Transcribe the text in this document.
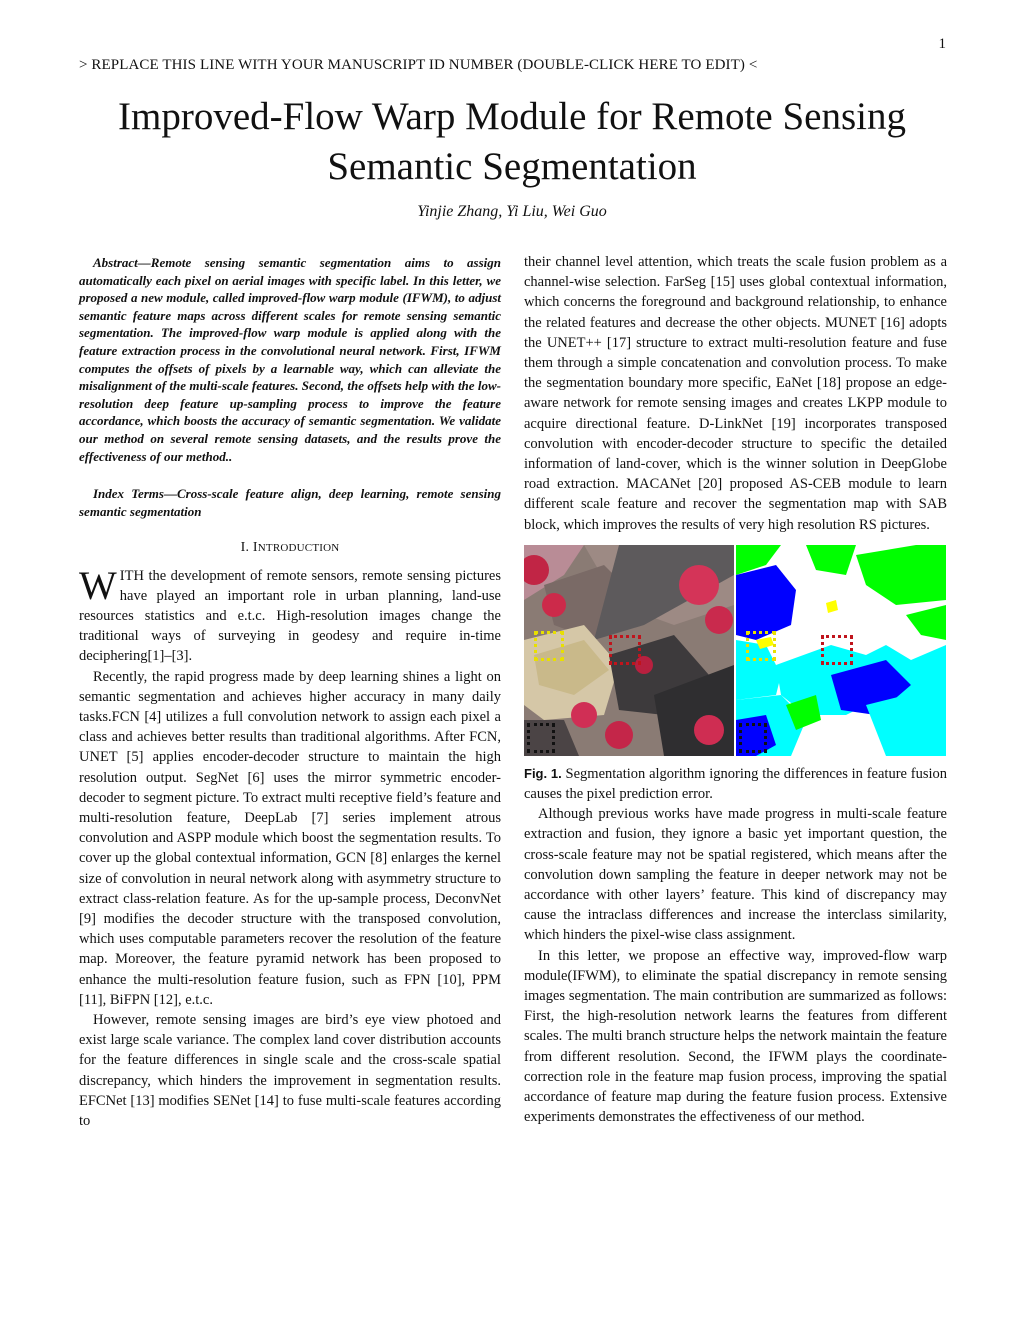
1
> REPLACE THIS LINE WITH YOUR MANUSCRIPT ID NUMBER (DOUBLE-CLICK HERE TO EDIT) <
Improved-Flow Warp Module for Remote Sensing Semantic Segmentation
Yinjie Zhang, Yi Liu, Wei Guo

Abstract—Remote sensing semantic segmentation aims to assign automatically each pixel on aerial images with specific label. In this letter, we proposed a new module, called improved-flow warp module (IFWM), to adjust semantic feature maps across different scales for remote sensing semantic segmentation. The improved-flow warp module is applied along with the feature extraction process in the convolutional neural network. First, IFWM computes the offsets of pixels by a learnable way, which can alleviate the misalignment of the multi-scale features. Second, the offsets help with the low-resolution deep feature up-sampling process to improve the feature accordance, which boosts the accuracy of semantic segmentation. We validate our method on several remote sensing datasets, and the results prove the effectiveness of our method..

Index Terms—Cross-scale feature align, deep learning, remote sensing semantic segmentation

I. INTRODUCTION

WITH the development of remote sensors, remote sensing pictures have played an important role in urban planning, land-use resources statistics and e.t.c. High-resolution images change the traditional ways of surveying in geodesy and require in-time deciphering[1]–[3].

Recently, the rapid progress made by deep learning shines a light on semantic segmentation and achieves higher accuracy in many daily tasks.FCN [4] utilizes a full convolution network to assign each pixel a class and achieves better results than traditional algorithms. After FCN, UNET [5] applies encoder-decoder structure to maintain the high resolution output. SegNet [6] uses the mirror symmetric encoder-decoder to segment picture. To extract multi receptive field’s feature and multi-resolution feature, DeepLab [7] series implement atrous convolution and ASPP module which boost the segmentation results. To cover up the global contextual information, GCN [8] enlarges the kernel size of convolution in neural network along with asymmetry structure to extract class-relation feature. As for the up-sample process, DeconvNet [9] modifies the decoder structure with the transposed convolution, which uses computable parameters recover the resolution of the feature map. Moreover, the feature pyramid network has been proposed to enhance the multi-resolution feature fusion, such as FPN [10], PPM [11], BiFPN [12], e.t.c.

However, remote sensing images are bird’s eye view photoed and exist large scale variance. The complex land cover distribution accounts for the feature differences in single scale and the cross-scale spatial discrepancy, which hinders the improvement in segmentation results. EFCNet [13] modifies SENet [14] to fuse multi-scale features according to

their channel level attention, which treats the scale fusion problem as a channel-wise selection. FarSeg [15] uses global contextual information, which concerns the foreground and background relationship, to enhance the related features and decrease the other objects. MUNET [16] adopts the UNET++ [17] structure to extract multi-resolution feature and fuse them through a simple concatenation and convolution process. To make the segmentation boundary more specific, EaNet [18] propose an edge-aware network for remote sensing images and creates LKPP module to acquire directional feature. D-LinkNet [19] incorporates transposed convolution with encoder-decoder structure to specific the detailed information of land-cover, which is the winner solution in DeepGlobe road extraction. MACANet [20] proposed AS-CEB module to learn different scale feature and recover the segmentation map with SAB block, which improves the results of very high resolution RS pictures.

Fig. 1. Segmentation algorithm ignoring the differences in feature fusion causes the pixel prediction error.

Although previous works have made progress in multi-scale feature extraction and fusion, they ignore a basic yet important question, the cross-scale feature may not be spatial registered, which means after the convolution down sampling the feature in deeper network may not be accordance with other layers’ feature. This kind of discrepancy may cause the intraclass differences and increase the interclass similarity, which hinders the pixel-wise class assignment.

In this letter, we propose an effective way, improved-flow warp module(IFWM), to eliminate the spatial discrepancy in remote sensing images segmentation. The main contribution are summarized as follows: First, the high-resolution network learns the features from different scales. The multi branch structure helps the network maintain the feature from different resolution. Second, the IFWM plays the coordinate-correction role in the feature map fusion process, improving the spatial accordance of feature map during the feature fusion process. Extensive experiments demonstrates the effectiveness of our method.
